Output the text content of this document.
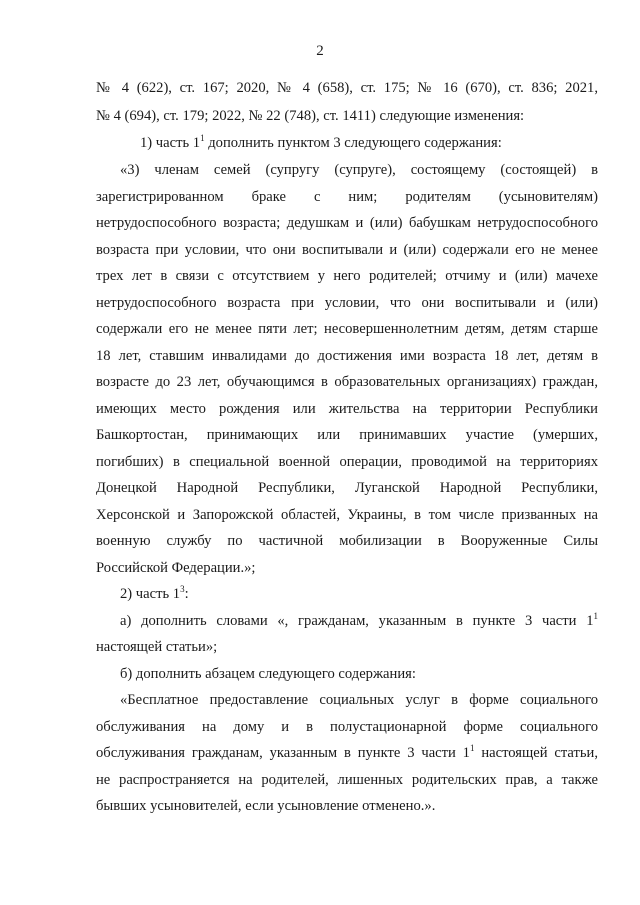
2
№ 4 (622), ст. 167; 2020, № 4 (658), ст. 175; № 16 (670), ст. 836; 2021,
№ 4 (694), ст. 179; 2022, № 22 (748), ст. 1411) следующие изменения:
1) часть $1^1$ дополнить пунктом 3 следующего содержания:
«3) членам семей (супругу (супруге), состоящему (состоящей) в
зарегистрированном браке с ним; родителям (усыновителям)
нетрудоспособного возраста; дедушкам и (или) бабушкам нетрудоспособного
возраста при условии, что они воспитывали и (или) содержали его не менее
трех лет в связи с отсутствием у него родителей; отчиму и (или) мачехе
нетрудоспособного возраста при условии, что они воспитывали и (или)
содержали его не менее пяти лет; несовершеннолетним детям, детям старше
18 лет, ставшим инвалидами до достижения ими возраста 18 лет, детям в
возрасте до 23 лет, обучающимся в образовательных организациях) граждан,
имеющих место рождения или жительства на территории Республики
Башкортостан, принимающих или принимавших участие (умерших,
погибших) в специальной военной операции, проводимой на территориях
Донецкой Народной Республики, Луганской Народной Республики,
Херсонской и Запорожской областей, Украины, в том числе призванных на
военную службу по частичной мобилизации в Вооруженные Силы
Российской Федерации.»;
2) часть $1^3$:
а) дополнить словами «, гражданам, указанным в пункте 3 части $1^1$
настоящей статьи»;
б) дополнить абзацем следующего содержания:
«Бесплатное предоставление социальных услуг в форме социального
обслуживания на дому и в полустационарной форме социального
обслуживания гражданам, указанным в пункте 3 части $1^1$ настоящей статьи,
не распространяется на родителей, лишенных родительских прав, а также
бывших усыновителей, если усыновление отменено.».
